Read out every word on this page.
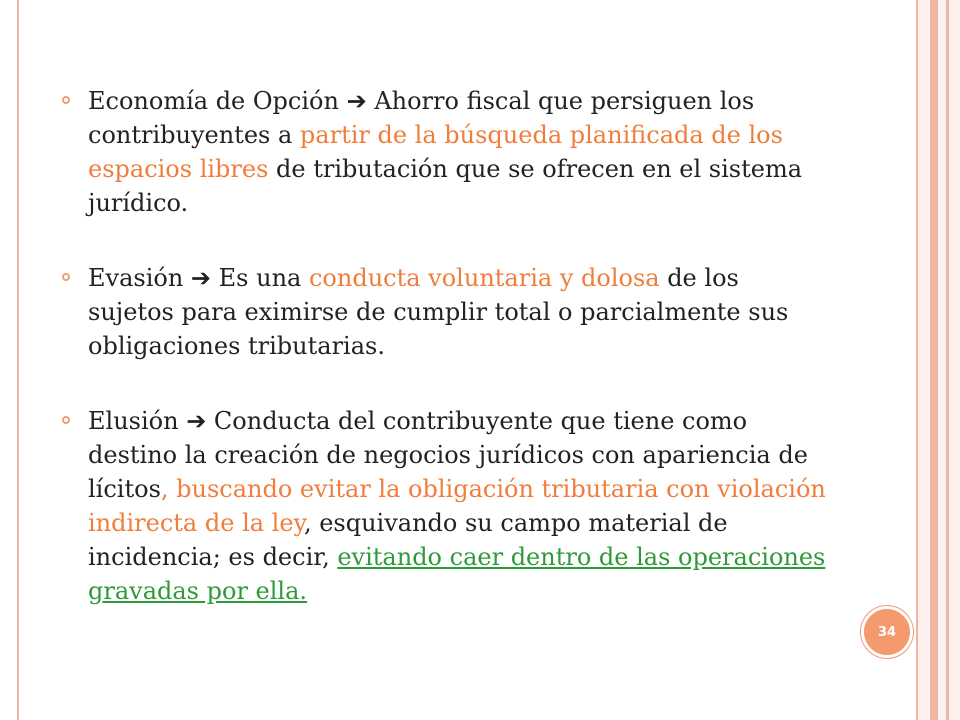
Economía de Opción ➔ Ahorro fiscal que persiguen los contribuyentes a partir de la búsqueda planificada de los espacios libres de tributación que se ofrecen en el sistema jurídico.
Evasión ➔ Es una conducta voluntaria y dolosa de los sujetos para eximirse de cumplir total o parcialmente sus obligaciones tributarias.
Elusión ➔ Conducta del contribuyente que tiene como destino la creación de negocios jurídicos con apariencia de lícitos, buscando evitar la obligación tributaria con violación indirecta de la ley, esquivando su campo material de incidencia; es decir, evitando caer dentro de las operaciones gravadas por ella.
34
